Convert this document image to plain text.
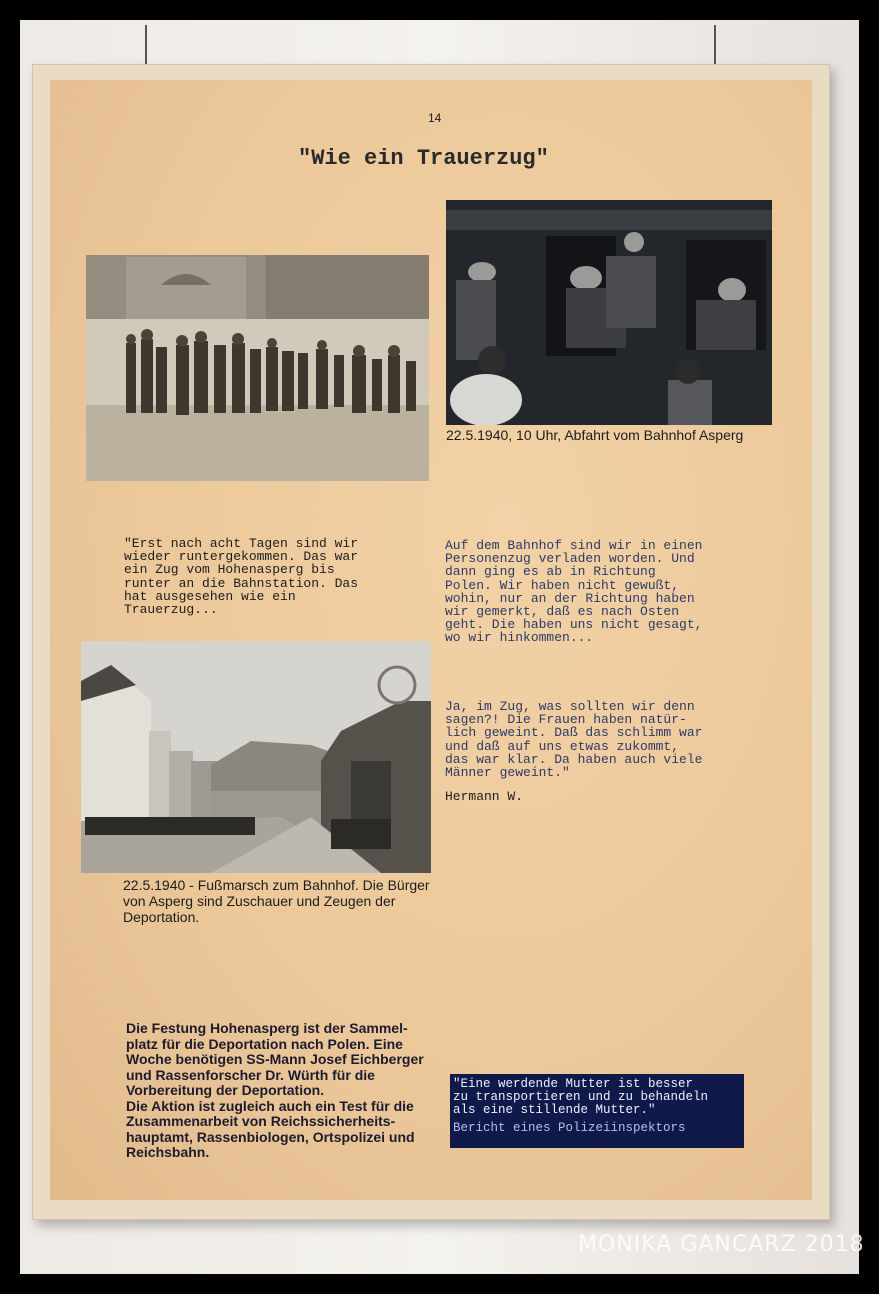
14
"Wie ein Trauerzug"
22.5.1940, 10 Uhr, Abfahrt vom Bahnhof Asperg
"Erst nach acht Tagen sind wir
wieder runtergekommen. Das war
ein Zug vom Hohenasperg bis
runter an die Bahnstation. Das
hat ausgesehen wie ein
Trauerzug...
Auf dem Bahnhof sind wir in einen
Personenzug verladen worden. Und
dann ging es ab in Richtung
Polen. Wir haben nicht gewußt,
wohin, nur an der Richtung haben
wir gemerkt, daß es nach Osten
geht. Die haben uns nicht gesagt,
wo wir hinkommen...
Ja, im Zug, was sollten wir denn
sagen?! Die Frauen haben natür-
lich geweint. Daß das schlimm war
und daß auf uns etwas zukommt,
das war klar. Da haben auch viele
Männer geweint."
Hermann W.
22.5.1940 - Fußmarsch zum Bahnhof. Die Bürger von Asperg sind Zuschauer und Zeugen der Deportation.
Die Festung Hohenasperg ist der Sammel-
platz für die Deportation nach Polen. Eine
Woche benötigen SS-Mann Josef Eichberger
und Rassenforscher Dr. Würth für die
Vorbereitung der Deportation.
Die Aktion ist zugleich auch ein Test für die
Zusammenarbeit von Reichssicherheits-
hauptamt, Rassenbiologen, Ortspolizei und
Reichsbahn.
"Eine werdende Mutter ist besser
zu transportieren und zu behandeln
als eine stillende Mutter."
Bericht eines Polizeiinspektors
MONIKA GANCARZ 2018
